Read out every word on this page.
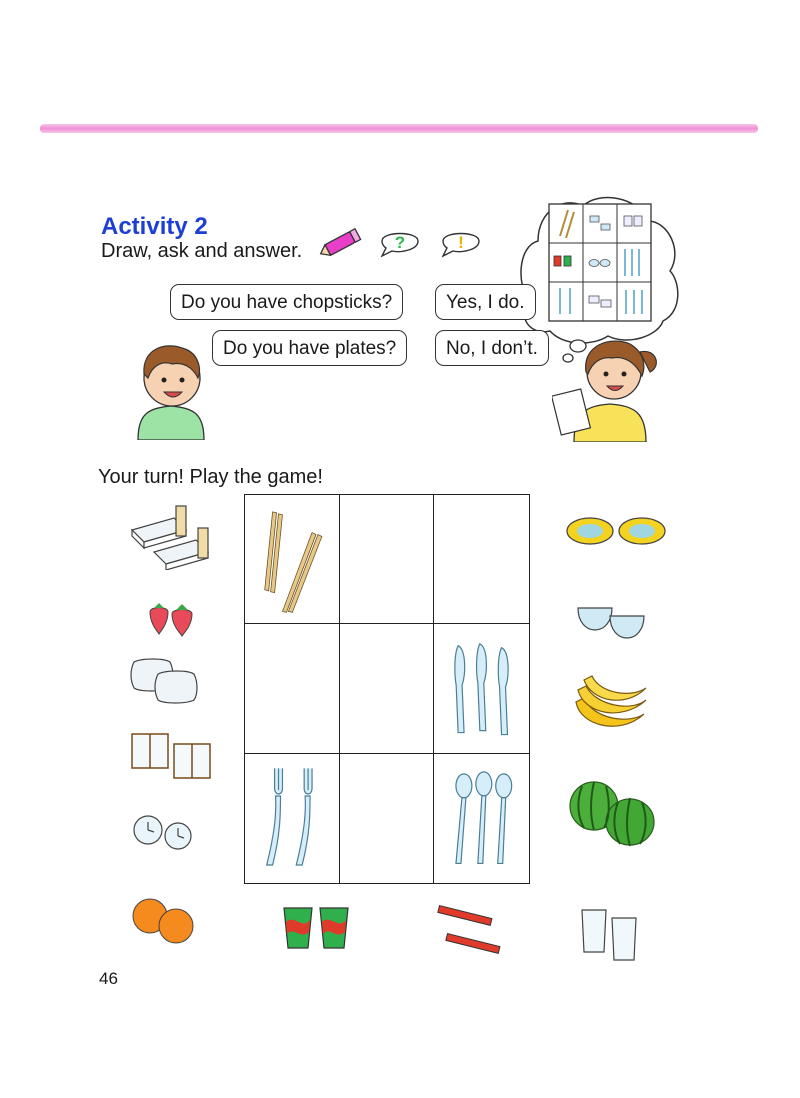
Activity 2
Draw, ask and answer.	?	!
Do you have chopsticks?
Do you have plates?
Yes, I do.
No, I don’t.
Your turn! Play the game!
46
